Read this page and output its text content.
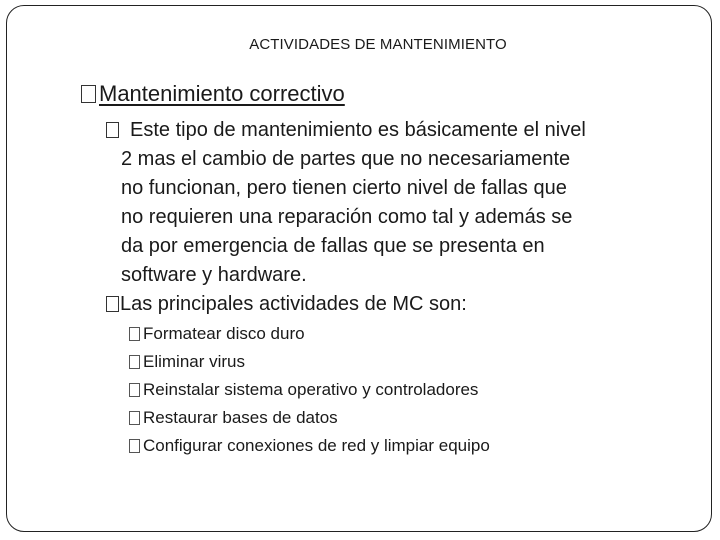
ACTIVIDADES DE MANTENIMIENTO
Mantenimiento correctivo
Este tipo de mantenimiento es básicamente el nivel
2 mas el cambio de partes que no necesariamente
no funcionan, pero tienen cierto nivel de fallas que
no requieren una reparación como tal y además se
da por emergencia de fallas que se presenta en
software y hardware.
Las principales actividades de MC son:
Formatear disco duro
Eliminar virus
Reinstalar sistema operativo y controladores
Restaurar bases de datos
Configurar conexiones de red y limpiar equipo
